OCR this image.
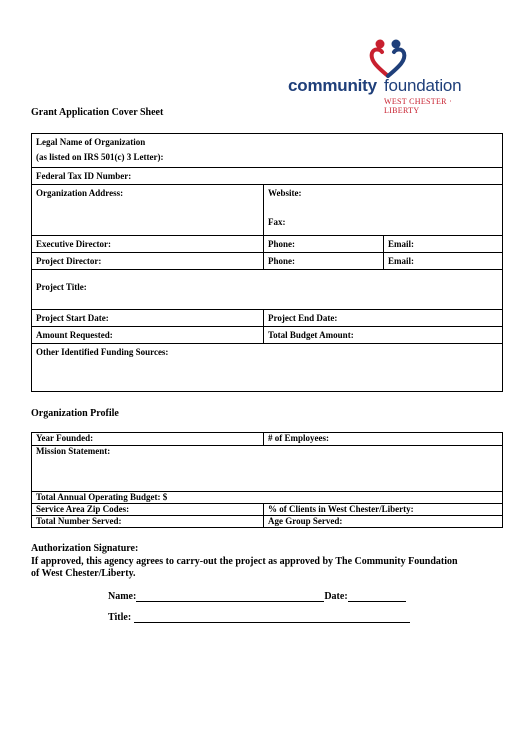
community foundation
WEST CHESTER · LIBERTY
Grant Application Cover Sheet
Legal Name of Organization
(as listed on IRS 501(c) 3 Letter):		

Federal Tax ID Number:		

Organization Address:	Website:
Fax:	

Executive Director:	Phone:	Email:

Project Director:	Phone:	Email:

Project Title:		

Project Start Date:	Project End Date:	

Amount Requested:	Total Budget Amount:	

Other Identified Funding Sources:		
Organization Profile
Year Founded:	# of Employees:

Mission Statement:	

Total Annual Operating Budget: $	

Service Area Zip Codes:	% of Clients in West Chester/Liberty:

Total Number Served:	Age Group Served:
Authorization Signature:
If approved, this agency agrees to carry-out the project as approved by The Community Foundation
of West Chester/Liberty.
Name:	Date:
Title:
